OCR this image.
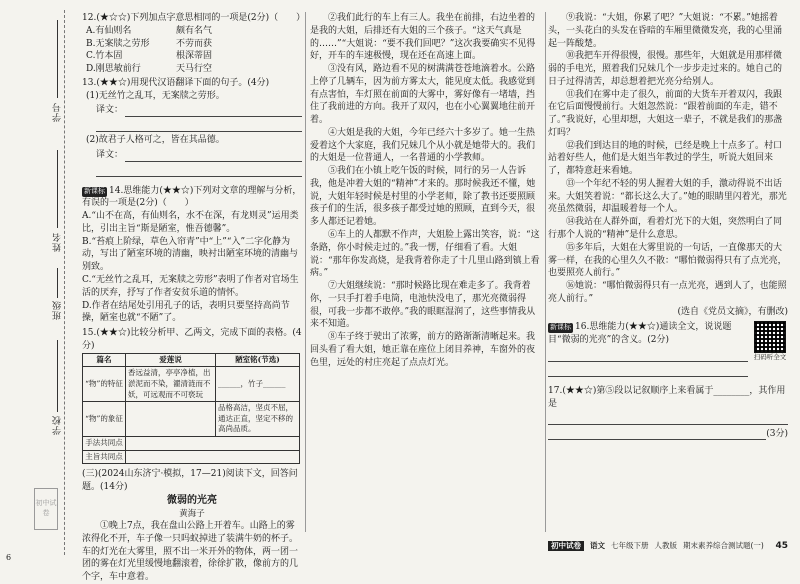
学号
姓名
班级
学校
初中试卷
6

12.(★☆☆)下列加点字意思相同的一项是(2分)（　　）

A.有仙则名	颇有名气
B.无案牍之劳形	不劳而获
C.竹本固	根深蒂固
D.刚思敏前行	天马行空

13.(★★☆)用现代汉语翻译下面的句子。(4分)

(1)无丝竹之乱耳，无案牍之劳形。

译文：

(2)故君子人格可之，皆在其品德。

译文：

新课标 14.思维能力(★★☆)下列对文章的理解与分析，有误的一项是(2分)（　　）

A.“山不在高，有仙则名，水不在深，有龙则灵”运用类比，引出主旨“斯是陋室，惟吾德馨”。

B.“苔痕上阶绿，草色入帘青”中“上”“入”二字化静为动，写出了陋室环境的清幽，映衬出陋室环境的清幽与别致。

C.“无丝竹之乱耳，无案牍之劳形”表明了作者对官场生活的厌弃，抒写了作者安贫乐道的情怀。

D.作者在结尾处引用孔子的话，表明只要坚持高尚节操，陋室也就“不陋”了。

15.(★★☆)比较分析甲、乙两文，完成下面的表格。(4分)

篇名	爱莲说	陋室铭(节选)
“物”的特征	香远益清，亭亭净植，出淤泥而不染，濯清涟而不妖，可远观而不可亵玩	______，竹子______
“物”的象征		品格高洁，坚贞不屈，通达正直，坚定不移的高尚品质。
手法共同点		
主旨共同点		

(三)(2024山东济宁·模拟，17—21)阅读下文，回答问题。(14分)

微弱的光亮

黄海子

①晚上7点，我在盘山公路上开着车。山路上的雾浓得化不开，车子像一只吗蚁掉进了装满牛奶的杯子。车的灯光在大雾里，照不出一米开外的物体，两一团一团的雾在灯光里缓慢地翻滚着，徐徐扩散，像前方的几个字，车中意着。

②我们此行的车上有三人。我坐在前排，右边坐着的是我的大姐，后排还有大姐的三个孩子。“这天气真是的……”“大姐说：“要不我们回吧？”这次我要确实不见得好，开车的车速极慢，现在还在高速上面。

③没有风，路边看不见的树满满苍苍地滴着水。公路上停了几辆车，因为前方雾太大，能见度太低。我感觉到有点害怕，车灯照在前面的大雾中，雾好像有一堵墙，挡住了我前进的方向。我开了双闪，也在小心翼翼地往前开着。

④大姐是我的大姐，今年已经六十多岁了。她一生热爱着这个大家庭，我们兄妹几个从小就是她带大的。我们的大姐是一位普通人，一名普通的小学教师。

⑤我们在小镇上吃午饭的时候，同行的另一人告诉我，他是冲着大姐的“精神”才来的。那时候我还不懂，她说，大姐年轻时候是村里的小学老师，除了教书还要照顾孩子们的生活，很多孩子都受过她的照顾，直到今天，很多人都还记着她。

⑥车上的人都默不作声，大姐脸上露出笑容，说：“这条路，你小时候走过的。”我一愣，仔细看了看。大姐说：“那年你发高烧，是我背着你走了十几里山路到镇上看病。”

⑦大姐继续说：“那时候路比现在难走多了。我背着你，一只手打着手电筒，电池快没电了，那光亮微弱得很，可我一步都不敢停。”我的眼眶湿润了，这些事情我从来不知道。

⑧车子终于驶出了浓雾，前方的路渐渐清晰起来。我回头看了看大姐，她正靠在座位上闭目养神，车窗外的夜色里，远处的村庄亮起了点点灯光。

⑨我说：“大姐，你累了吧？”大姐说：“不累。”她摇着头，一头花白的头发在昏暗的车厢里微微发亮，我的心里涌起一阵酸楚。

⑩我把车开得很慢，很慢。那些年，大姐就是用那样微弱的手电光，照着我们兄妹几个一步步走过来的。她自己的日子过得清苦，却总想着把光亮分给别人。

⑪我们在雾中走了很久，前面的大货车开着双闪，我跟在它后面慢慢前行。大姐忽然说：“跟着前面的车走，错不了。”我说好，心里却想，大姐这一辈子，不就是我们的那盏灯吗？

⑫我们到达目的地的时候，已经是晚上十点多了。村口站着好些人，他们是大姐当年教过的学生，听说大姐回来了，都特意赶来看她。

⑬一个年纪不轻的男人握着大姐的手，激动得说不出话来。大姐笑着说：“都长这么大了。”她的眼睛里闪着光，那光亮虽然微弱，却温暖着每一个人。

⑭我站在人群外面，看着灯光下的大姐，突然明白了同行那个人说的“精神”是什么意思。

⑮多年后，大姐在大雾里说的一句话，一直像那天的大雾一样，在我的心里久久不散：“哪怕微弱得只有了点光亮，也要照亮人前行。”

⑯她说：“哪怕微弱得只有一点光亮，遇到人了，也能照亮人前行。”

(选自《党员文摘》，有删改)

新课标 16.思维能力(★★☆)通读全文，说说题目“微弱的光亮”的含义。(2分)

扫码听全文

17.(★★☆)第⑤段以记叙顺序上来看属于________，其作用是

(3分)
初中试卷	语文 七年级下册 人教版 期末素养综合测试题(一) 45
